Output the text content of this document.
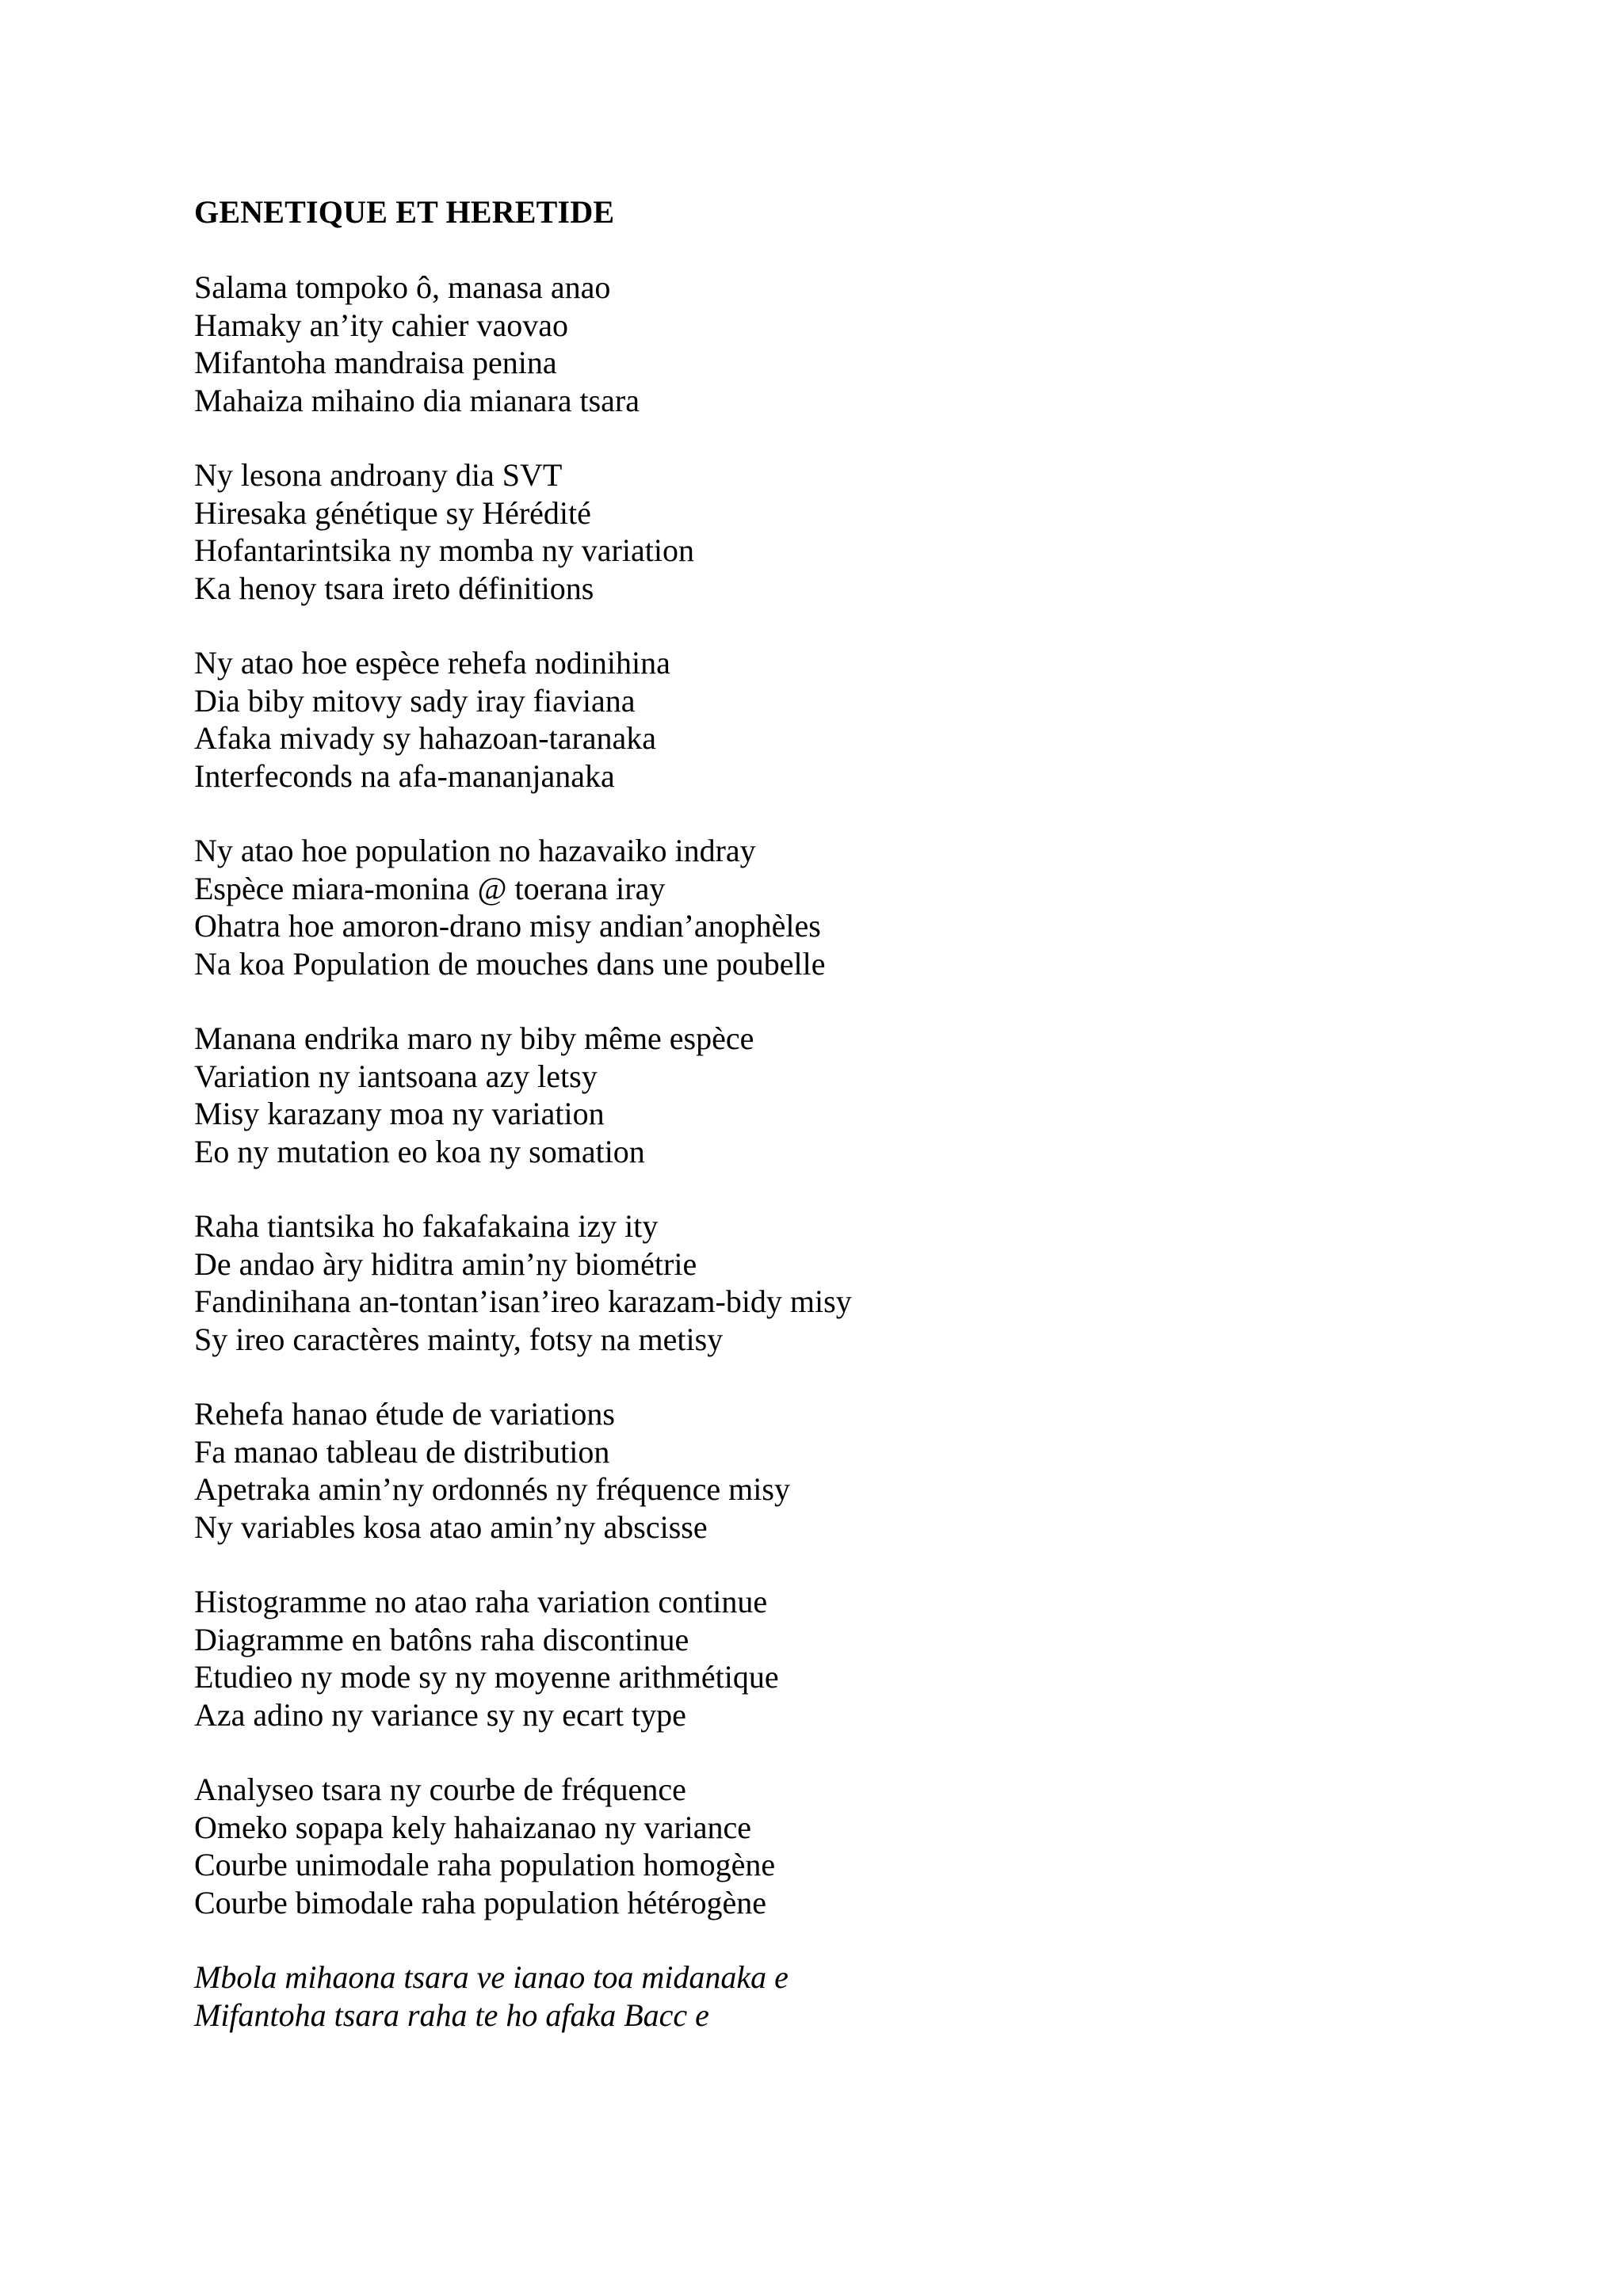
GENETIQUE ET HERETIDE
Salama tompoko ô, manasa anao
Hamaky an’ity cahier vaovao
Mifantoha mandraisa penina
Mahaiza mihaino dia mianara tsara
Ny lesona androany dia SVT
Hiresaka génétique sy Hérédité
Hofantarintsika ny momba ny variation
Ka henoy tsara ireto définitions
Ny atao hoe espèce rehefa nodinihina
Dia biby mitovy sady iray fiaviana
Afaka mivady sy hahazoan-taranaka
Interfeconds na afa-mananjanaka
Ny atao hoe population no hazavaiko indray
Espèce miara-monina @ toerana iray
Ohatra hoe amoron-drano misy andian’anophèles
Na koa Population de mouches dans une poubelle
Manana endrika maro ny biby même espèce
Variation ny iantsoana azy letsy
Misy karazany moa ny variation
Eo ny mutation eo koa ny somation
Raha tiantsika ho fakafakaina izy ity
De andao àry hiditra amin’ny biométrie
Fandinihana an-tontan’isan’ireo karazam-bidy misy
Sy ireo caractères mainty, fotsy na metisy
Rehefa hanao étude de variations
Fa manao tableau de distribution
Apetraka amin’ny ordonnés ny fréquence misy
Ny variables kosa atao amin’ny abscisse
Histogramme no atao raha variation continue
Diagramme en batôns raha discontinue
Etudieo ny mode sy ny moyenne arithmétique
Aza adino ny variance sy ny ecart type
Analyseo tsara ny courbe de fréquence
Omeko sopapa kely hahaizanao ny variance
Courbe unimodale raha population homogène
Courbe bimodale raha population hétérogène
Mbola mihaona tsara ve ianao toa midanaka e
Mifantoha tsara raha te ho afaka Bacc e
